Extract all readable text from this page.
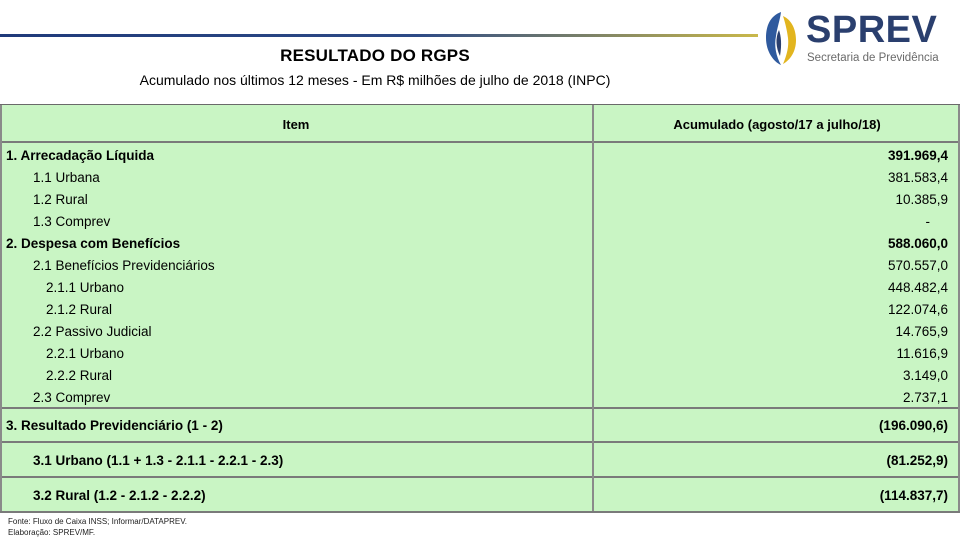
RESULTADO DO RGPS
Acumulado nos últimos 12 meses - Em R$ milhões de julho de 2018 (INPC)
SPREV
Secretaria de Previdência
Item	Acumulado (agosto/17 a julho/18)
1. Arrecadação Líquida	391.969,4
1.1 Urbana	381.583,4
1.2 Rural	10.385,9
1.3 Comprev	-
2. Despesa com Benefícios	588.060,0
2.1 Benefícios Previdenciários	570.557,0
2.1.1 Urbano	448.482,4
2.1.2 Rural	122.074,6
2.2 Passivo Judicial	14.765,9
2.2.1 Urbano	11.616,9
2.2.2 Rural	3.149,0
2.3 Comprev	2.737,1
3. Resultado Previdenciário (1 - 2)	(196.090,6)
3.1 Urbano (1.1 + 1.3 - 2.1.1 - 2.2.1 - 2.3)	(81.252,9)
3.2 Rural (1.2 - 2.1.2 - 2.2.2)	(114.837,7)
Fonte: Fluxo de Caixa INSS; Informar/DATAPREV.
Elaboração: SPREV/MF.
